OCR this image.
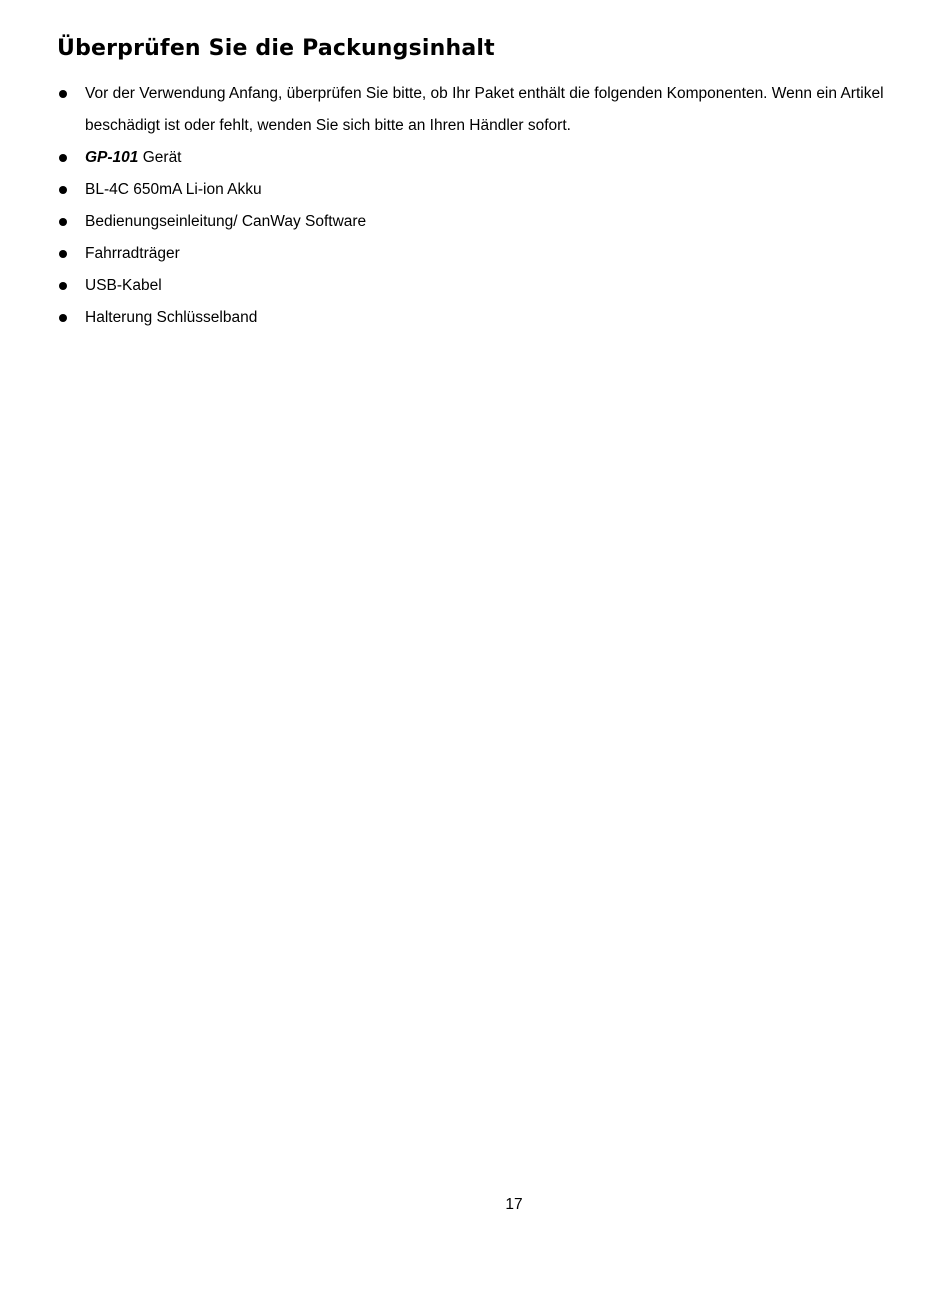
Überprüfen Sie die Packungsinhalt
Vor der Verwendung Anfang, überprüfen Sie bitte, ob Ihr Paket enthält die folgenden Komponenten. Wenn ein Artikel beschädigt ist oder fehlt, wenden Sie sich bitte an Ihren Händler sofort.
GP-101 Gerät
BL-4C 650mA Li-ion Akku
Bedienungseinleitung/ CanWay Software
Fahrradträger
USB-Kabel
Halterung Schlüsselband
17
